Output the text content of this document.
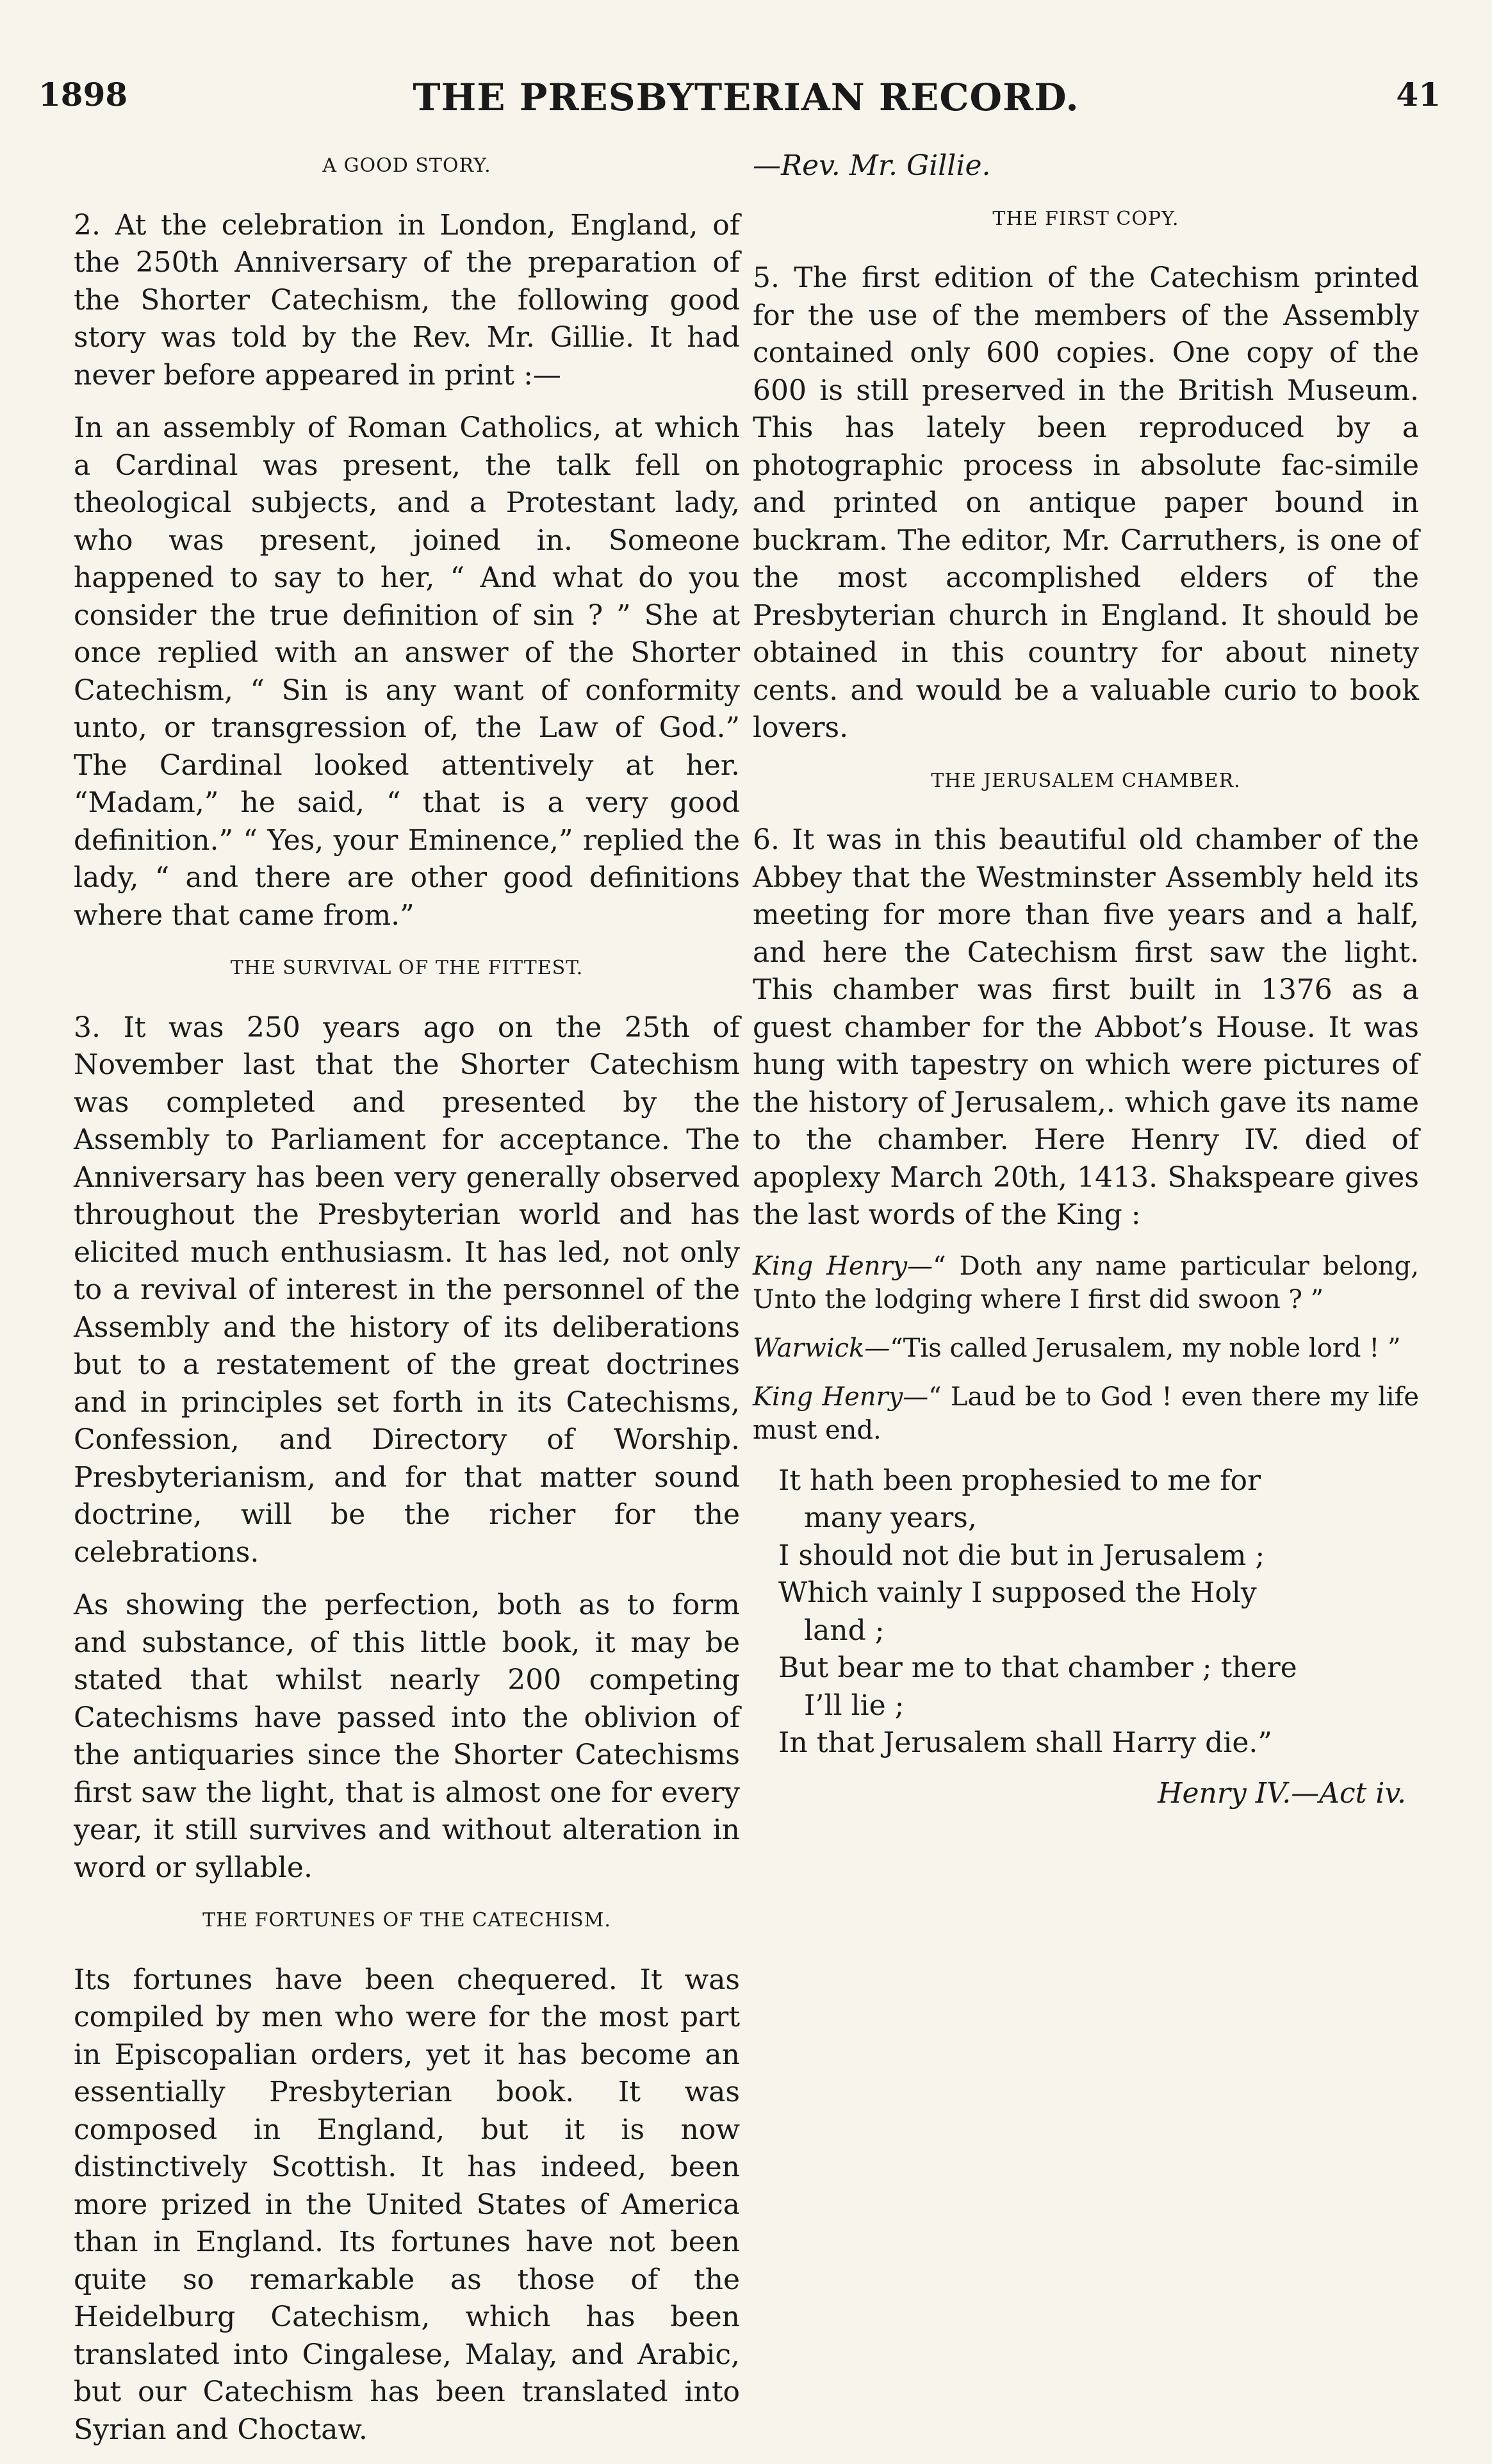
1898	THE PRESBYTERIAN RECORD.	41
A GOOD STORY.

2. At the celebration in London, England, of the 250th Anniversary of the preparation of the Shorter Catechism, the following good story was told by the Rev. Mr. Gillie. It had never before appeared in print :—

In an assembly of Roman Catholics, at which a Cardinal was present, the talk fell on theological subjects, and a Protestant lady, who was present, joined in. Someone happened to say to her, “ And what do you consider the true definition of sin ? ” She at once replied with an answer of the Shorter Catechism, “ Sin is any want of conformity unto, or transgression of, the Law of God.” The Cardinal looked attentively at her. “Madam,” he said, “ that is a very good definition.” “ Yes, your Eminence,” replied the lady, “ and there are other good definitions where that came from.”

THE SURVIVAL OF THE FITTEST.

3. It was 250 years ago on the 25th of November last that the Shorter Catechism was completed and presented by the Assembly to Parliament for acceptance. The Anniversary has been very generally observed throughout the Presbyterian world and has elicited much enthusiasm. It has led, not only to a revival of interest in the personnel of the Assembly and the history of its deliberations but to a restatement of the great doctrines and in principles set forth in its Catechisms, Confession, and Directory of Worship. Presbyterianism, and for that matter sound doctrine, will be the richer for the celebrations.

As showing the perfection, both as to form and substance, of this little book, it may be stated that whilst nearly 200 competing Catechisms have passed into the oblivion of the antiquaries since the Shorter Catechisms first saw the light, that is almost one for every year, it still survives and without alteration in word or syllable.

THE FORTUNES OF THE CATECHISM.

Its fortunes have been chequered. It was compiled by men who were for the most part in Episcopalian orders, yet it has become an essentially Presbyterian book. It was composed in England, but it is now distinctively Scottish. It has indeed, been more prized in the United States of America than in England. Its fortunes have not been quite so remarkable as those of the Heidelburg Catechism, which has been translated into Cingalese, Malay, and Arabic, but our Catechism has been translated into Syrian and Choctaw.

—Rev. Mr. Gillie.

THE FIRST COPY.

5. The first edition of the Catechism printed for the use of the members of the Assembly contained only 600 copies. One copy of the 600 is still preserved in the British Museum. This has lately been reproduced by a photographic process in absolute fac-simile and printed on antique paper bound in buckram. The editor, Mr. Carruthers, is one of the most accomplished elders of the Presbyterian church in England. It should be obtained in this country for about ninety cents. and would be a valuable curio to book lovers.

THE JERUSALEM CHAMBER.

6. It was in this beautiful old chamber of the Abbey that the Westminster Assembly held its meeting for more than five years and a half, and here the Catechism first saw the light. This chamber was first built in 1376 as a guest chamber for the Abbot’s House. It was hung with tapestry on which were pictures of the history of Jerusalem,. which gave its name to the chamber. Here Henry IV. died of apoplexy March 20th, 1413. Shakspeare gives the last words of the King :

King Henry—“ Doth any name particular belong, Unto the lodging where I first did swoon ? ”

Warwick—“Tis called Jerusalem, my noble lord ! ”

King Henry—“ Laud be to God ! even there my life must end.

It hath been prophesied to me for
many years,
I should not die but in Jerusalem ;
Which vainly I supposed the Holy
land ;
But bear me to that chamber ; there
I’ll lie ;
In that Jerusalem shall Harry die.”

Henry IV.—Act iv.
